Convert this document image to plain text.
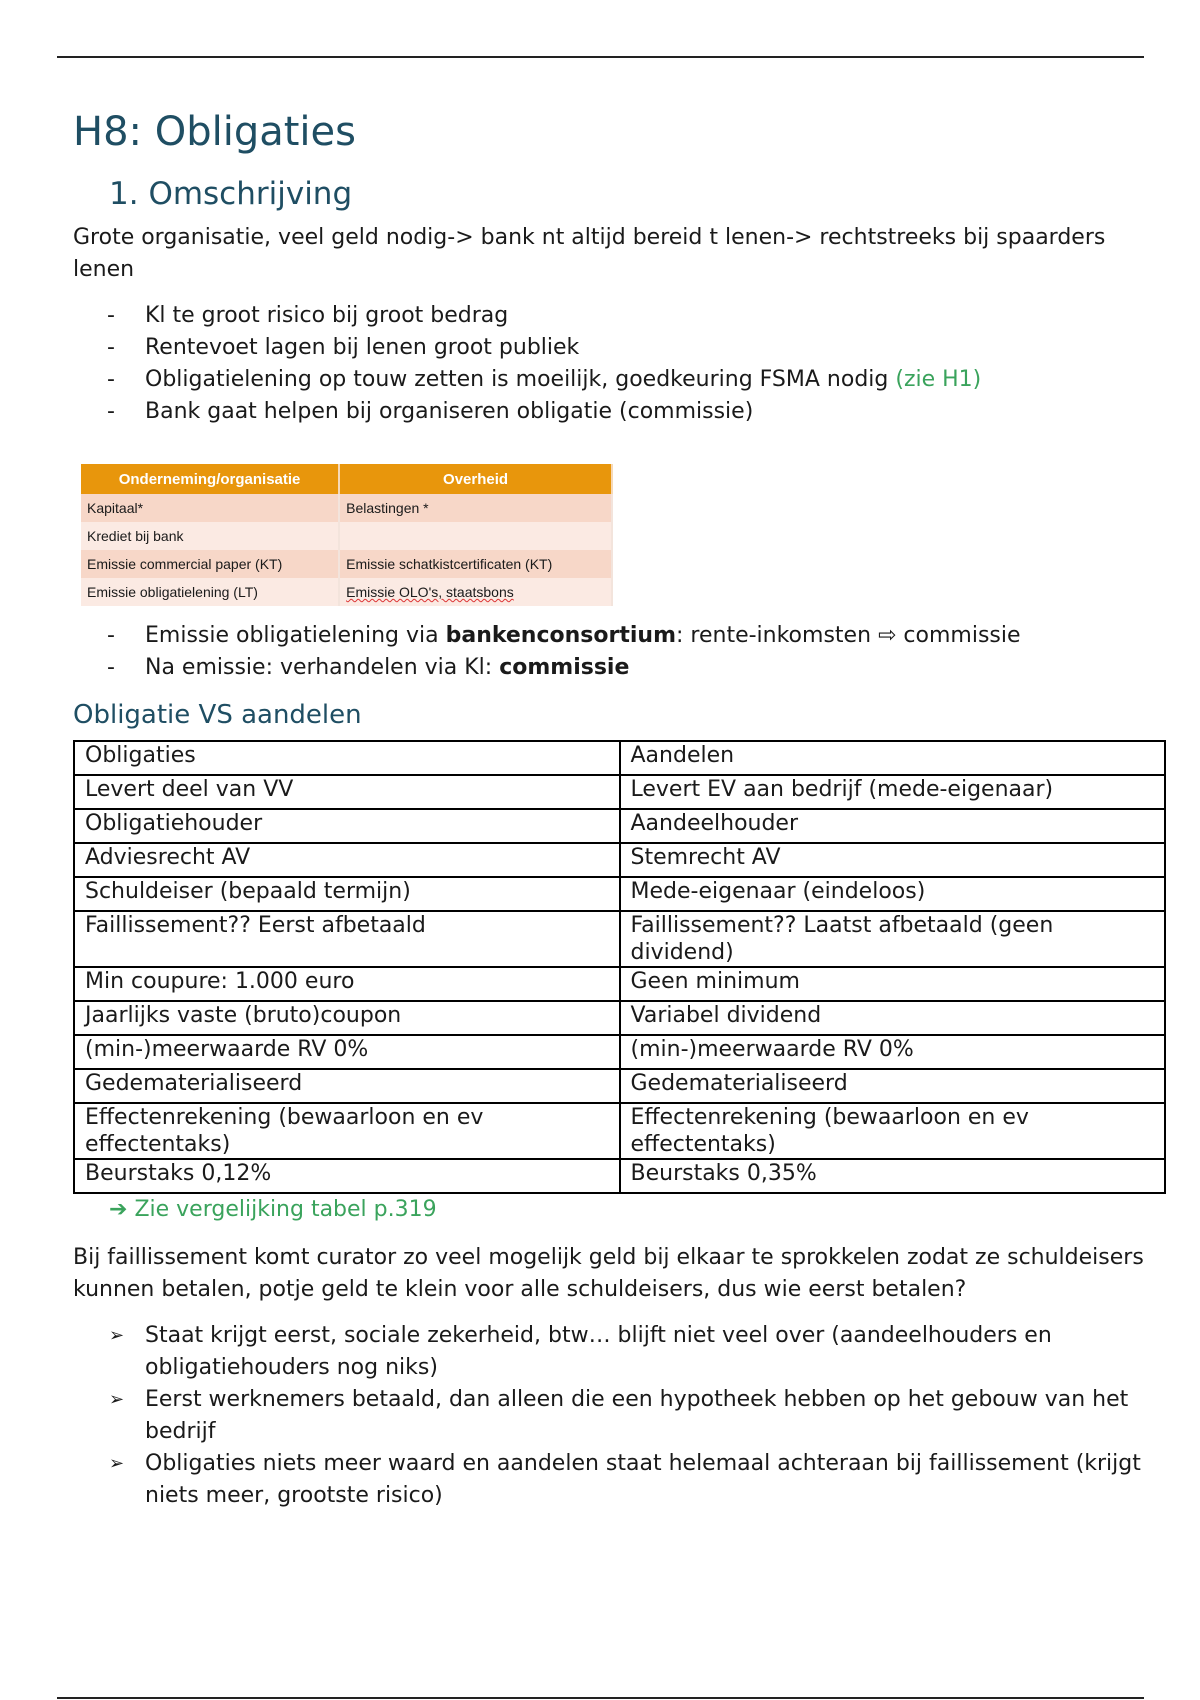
H8: Obligaties
1. Omschrijving

Grote organisatie, veel geld nodig-> bank nt altijd bereid t lenen-> rechtstreeks bij spaarders lenen

- Kl te groot risico bij groot bedrag
- Rentevoet lagen bij lenen groot publiek
- Obligatielening op touw zetten is moeilijk, goedkeuring FSMA nodig (zie H1)
- Bank gaat helpen bij organiseren obligatie (commissie)
Onderneming/organisatie	Overheid
Kapitaal*	Belastingen *
Krediet bij bank	
Emissie commercial paper (KT)	Emissie schatkistcertificaten (KT)
Emissie obligatielening (LT)	Emissie OLO's, staatsbons
- Emissie obligatielening via bankenconsortium: rente-inkomsten ⇨ commissie
- Na emissie: verhandelen via Kl: commissie
Obligatie VS aandelen
Obligaties	Aandelen
Levert deel van VV	Levert EV aan bedrijf (mede-eigenaar)
Obligatiehouder	Aandeelhouder
Adviesrecht AV	Stemrecht AV
Schuldeiser (bepaald termijn)	Mede-eigenaar (eindeloos)
Faillissement?? Eerst afbetaald	Faillissement?? Laatst afbetaald (geen dividend)
Min coupure: 1.000 euro	Geen minimum
Jaarlijks vaste (bruto)coupon	Variabel dividend
(min-)meerwaarde RV 0%	(min-)meerwaarde RV 0%
Gedematerialiseerd	Gedematerialiseerd
Effectenrekening (bewaarloon en ev effectentaks)	Effectenrekening (bewaarloon en ev effectentaks)
Beurstaks 0,12%	Beurstaks 0,35%
➔ Zie vergelijking tabel p.319

Bij faillissement komt curator zo veel mogelijk geld bij elkaar te sprokkelen zodat ze schuldeisers kunnen betalen, potje geld te klein voor alle schuldeisers, dus wie eerst betalen?

➢ Staat krijgt eerst, sociale zekerheid, btw… blijft niet veel over (aandeelhouders en obligatiehouders nog niks)
➢ Eerst werknemers betaald, dan alleen die een hypotheek hebben op het gebouw van het bedrijf
➢ Obligaties niets meer waard en aandelen staat helemaal achteraan bij faillissement (krijgt niets meer, grootste risico)
